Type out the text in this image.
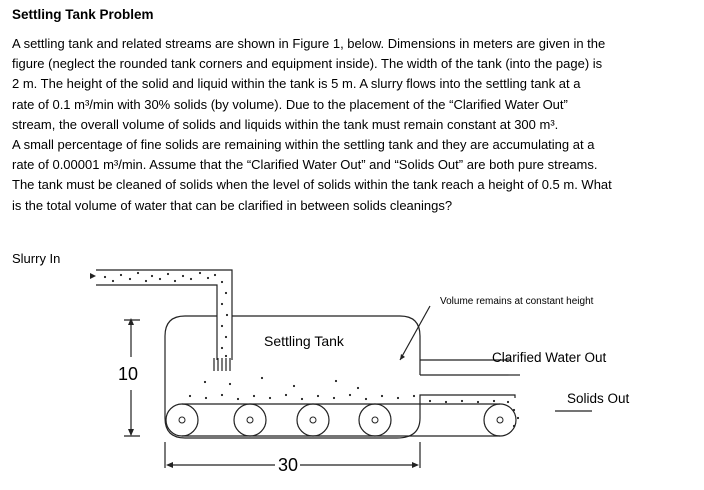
Settling Tank Problem
A settling tank and related streams are shown in Figure 1, below. Dimensions in meters are given in the
figure (neglect the rounded tank corners and equipment inside). The width of the tank (into the page) is
2 m. The height of the solid and liquid within the tank is 5 m. A slurry flows into the settling tank at a
rate of 0.1 m³/min with 30% solids (by volume). Due to the placement of the “Clarified Water Out”
stream, the overall volume of solids and liquids within the tank must remain constant at 300 m³.
A small percentage of fine solids are remaining within the settling tank and they are accumulating at a
rate of 0.00001 m³/min. Assume that the “Clarified Water Out” and “Solids Out” are both pure streams.
The tank must be cleaned of solids when the level of solids within the tank reach a height of 0.5 m. What
is the total volume of water that can be clarified in between solids cleanings?
Slurry In
Volume remains at constant height
Settling Tank
Clarified Water Out
Solids Out
10
30
